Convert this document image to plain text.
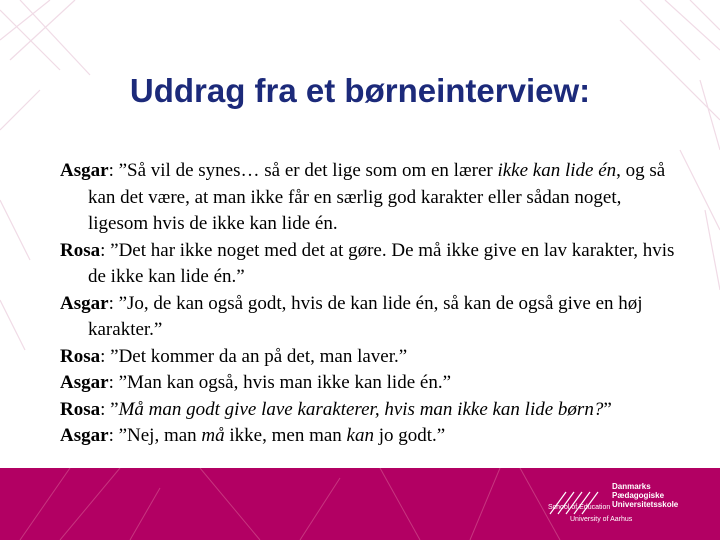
Uddrag fra et børneinterview:

Asgar: ”Så vil de synes… så er det lige som om en lærer ikke kan lide én, og så kan det være, at man ikke får en særlig god karakter eller sådan noget, ligesom hvis de ikke kan lide én.

Rosa: ”Det har ikke noget med det at gøre. De må ikke give en lav karakter, hvis de ikke kan lide én.”

Asgar: ”Jo, de kan også godt, hvis de kan lide én, så kan de også give en høj karakter.”

Rosa: ”Det kommer da an på det, man laver.”

Asgar: ”Man kan også, hvis man ikke kan lide én.”

Rosa: ”Må man godt give lave karakterer, hvis man ikke kan lide børn?”

Asgar: ”Nej, man må ikke, men man kan jo godt.”

Danmarks
Pædagogiske
Universitetsskole
School of Education
University of Aarhus
